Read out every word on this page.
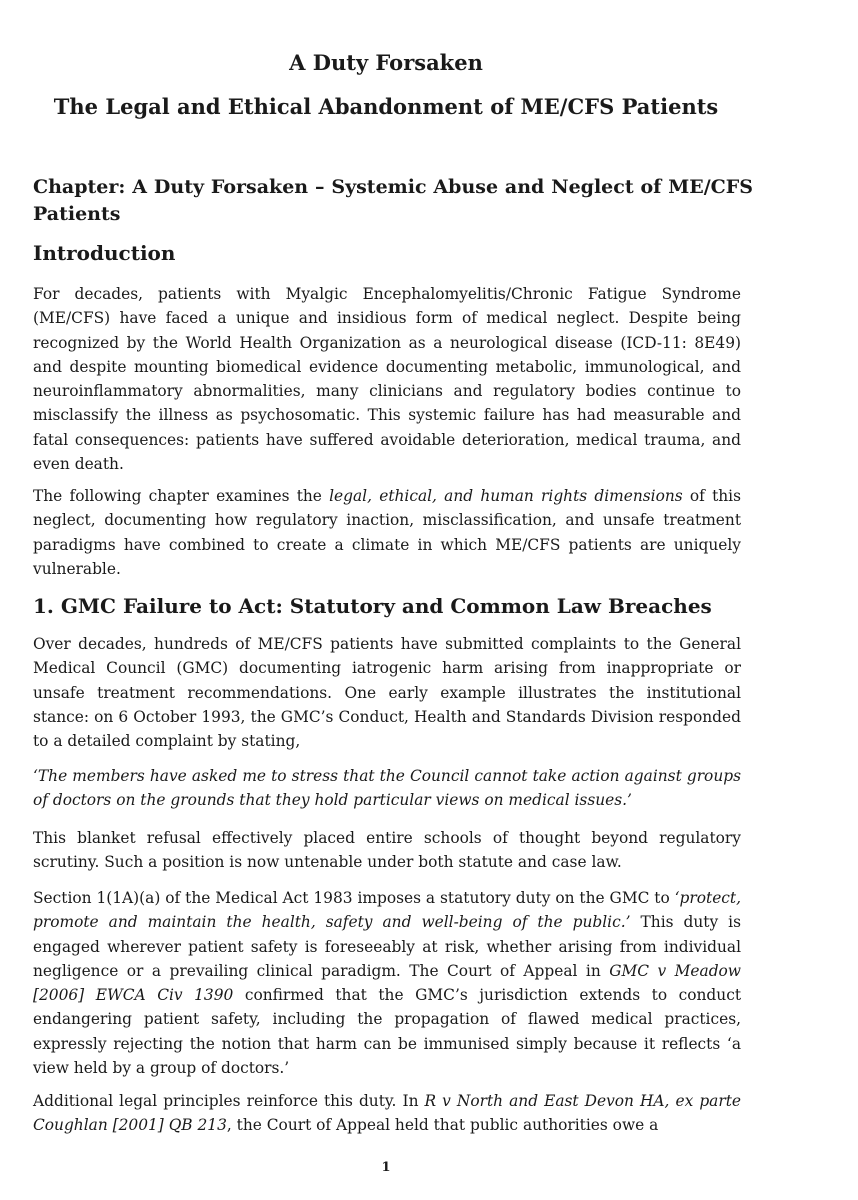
A Duty Forsaken
The Legal and Ethical Abandonment of ME/CFS Patients
Chapter: A Duty Forsaken – Systemic Abuse and Neglect of ME/CFS Patients
Introduction

For decades, patients with Myalgic Encephalomyelitis/Chronic Fatigue Syndrome (ME/CFS) have faced a unique and insidious form of medical neglect. Despite being recognized by the World Health Organization as a neurological disease (ICD-11: 8E49) and despite mounting biomedical evidence documenting metabolic, immunological, and neuroinflammatory abnormalities, many clinicians and regulatory bodies continue to misclassify the illness as psychosomatic. This systemic failure has had measurable and fatal consequences: patients have suffered avoidable deterioration, medical trauma, and even death.

The following chapter examines the legal, ethical, and human rights dimensions of this neglect, documenting how regulatory inaction, misclassification, and unsafe treatment paradigms have combined to create a climate in which ME/CFS patients are uniquely vulnerable.

1. GMC Failure to Act: Statutory and Common Law Breaches

Over decades, hundreds of ME/CFS patients have submitted complaints to the General Medical Council (GMC) documenting iatrogenic harm arising from inappropriate or unsafe treatment recommendations. One early example illustrates the institutional stance: on 6 October 1993, the GMC’s Conduct, Health and Standards Division responded to a detailed complaint by stating,

‘The members have asked me to stress that the Council cannot take action against groups of doctors on the grounds that they hold particular views on medical issues.’

This blanket refusal effectively placed entire schools of thought beyond regulatory scrutiny. Such a position is now untenable under both statute and case law.

Section 1(1A)(a) of the Medical Act 1983 imposes a statutory duty on the GMC to ‘protect, promote and maintain the health, safety and well-being of the public.’ This duty is engaged wherever patient safety is foreseeably at risk, whether arising from individual negligence or a prevailing clinical paradigm. The Court of Appeal in GMC v Meadow [2006] EWCA Civ 1390 confirmed that the GMC’s jurisdiction extends to conduct endangering patient safety, including the propagation of flawed medical practices, expressly rejecting the notion that harm can be immunised simply because it reflects ‘a view held by a group of doctors.’

Additional legal principles reinforce this duty. In R v North and East Devon HA, ex parte Coughlan [2001] QB 213, the Court of Appeal held that public authorities owe a

1
